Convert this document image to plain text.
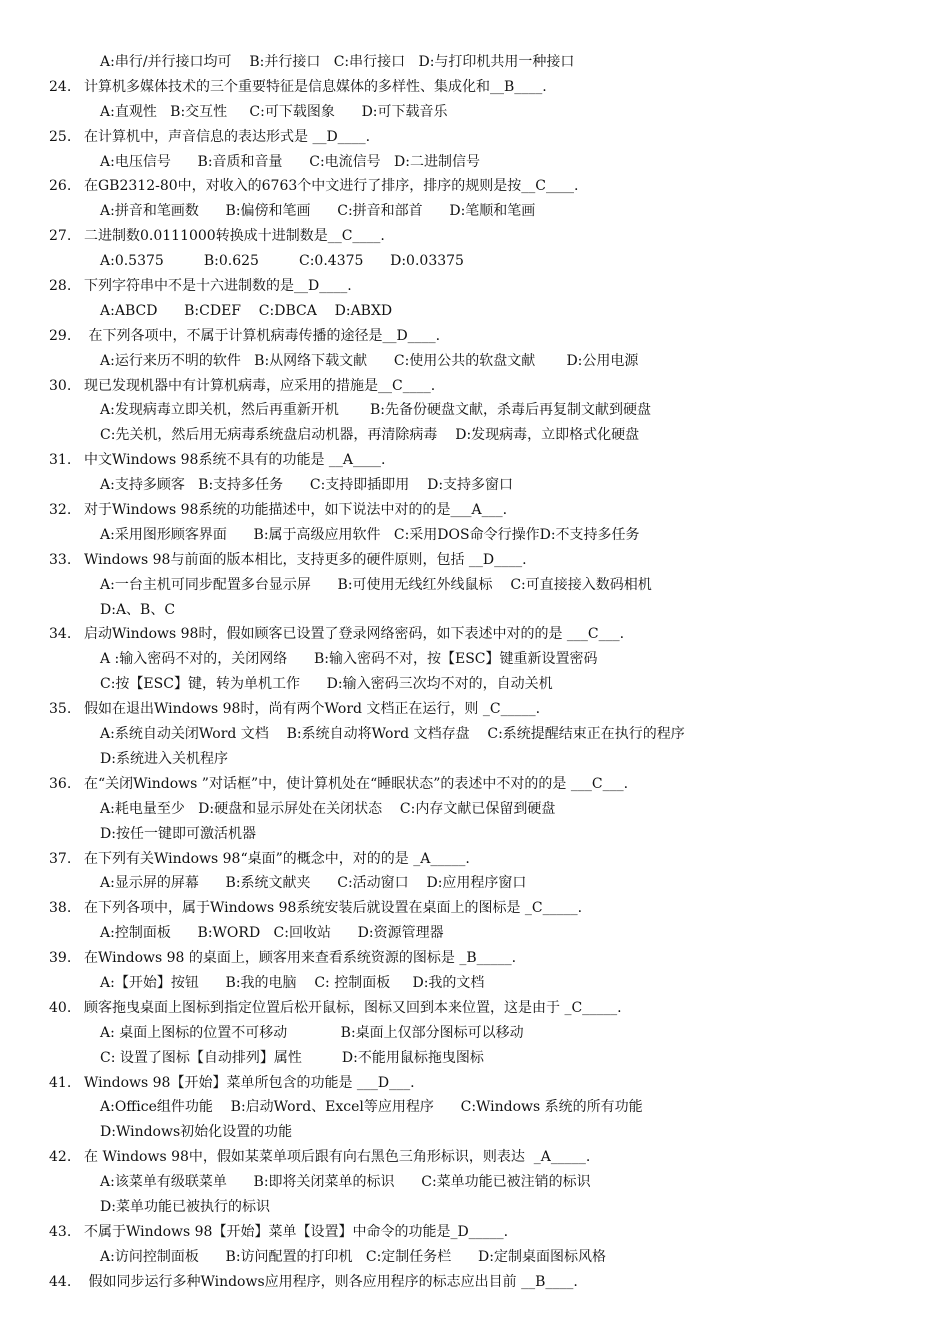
A:串行/并行接口均可    B:并行接口   C:串行接口   D:与打印机共用一种接口
24. 计算机多媒体技术的三个重要特征是信息媒体的多样性、集成化和__B____.
A:直观性   B:交互性     C:可下载图象      D:可下载音乐
25. 在计算机中，声音信息的表达形式是 __D____.
A:电压信号      B:音质和音量      C:电流信号   D:二进制信号
26. 在GB2312-80中，对收入的6763个中文进行了排序，排序的规则是按__C____.
A:拼音和笔画数      B:偏傍和笔画      C:拼音和部首      D:笔顺和笔画
27. 二进制数0.0111000转换成十进制数是__C____.
A:0.5375         B:0.625         C:0.4375      D:0.03375
28. 下列字符串中不是十六进制数的是__D____.
A:ABCD      B:CDEF    C:DBCA    D:ABXD
29. 在下列各项中，不属于计算机病毒传播的途径是__D____.
A:运行来历不明的软件   B:从网络下载文献      C:使用公共的软盘文献       D:公用电源
30. 现已发现机器中有计算机病毒，应采用的措施是__C____.
A:发现病毒立即关机，然后再重新开机       B:先备份硬盘文献，杀毒后再复制文献到硬盘
C:先关机，然后用无病毒系统盘启动机器，再清除病毒    D:发现病毒，立即格式化硬盘
31. 中文Windows 98系统不具有的功能是 __A____.
A:支持多顾客   B:支持多任务      C:支持即插即用    D:支持多窗口
32. 对于Windows 98系统的功能描述中，如下说法中对的的是___A___.
A:采用图形顾客界面      B:属于高级应用软件   C:采用DOS命令行操作D:不支持多任务
33. Windows 98与前面的版本相比，支持更多的硬件原则，包括 __D____.
A:一台主机可同步配置多台显示屏      B:可使用无线红外线鼠标    C:可直接接入数码相机
D:A、B、C
34. 启动Windows 98时，假如顾客已设置了登录网络密码，如下表述中对的的是 ___C___.
A :输入密码不对的，关闭网络      B:输入密码不对，按【ESC】键重新设置密码
C:按【ESC】键，转为单机工作      D:输入密码三次均不对的，自动关机
35. 假如在退出Windows 98时，尚有两个Word 文档正在运行，则 _C_____.
A:系统自动关闭Word 文档    B:系统自动将Word 文档存盘    C:系统提醒结束正在执行的程序
D:系统进入关机程序
36. 在“关闭Windows ”对话框”中，使计算机处在“睡眠状态”的表述中不对的的是 ___C___.
A:耗电量至少   D:硬盘和显示屏处在关闭状态    C:内存文献已保留到硬盘
D:按任一键即可激活机器
37. 在下列有关Windows 98“桌面”的概念中，对的的是 _A_____.
A:显示屏的屏幕      B:系统文献夹      C:活动窗口    D:应用程序窗口
38. 在下列各项中，属于Windows 98系统安装后就设置在桌面上的图标是 _C_____.
A:控制面板      B:WORD   C:回收站      D:资源管理器
39. 在Windows 98 的桌面上，顾客用来查看系统资源的图标是 _B_____.
A:【开始】按钮      B:我的电脑    C: 控制面板     D:我的文档
40. 顾客拖曳桌面上图标到指定位置后松开鼠标，图标又回到本来位置，这是由于 _C_____.
A: 桌面上图标的位置不可移动            B:桌面上仅部分图标可以移动
C: 设置了图标【自动排列】属性         D:不能用鼠标拖曳图标
41. Windows 98【开始】菜单所包含的功能是 ___D___.
A:Office组件功能    B:启动Word、Excel等应用程序      C:Windows 系统的所有功能
D:Windows初始化设置的功能
42. 在 Windows 98中，假如某菜单项后跟有向右黑色三角形标识，则表达  _A_____.
A:该菜单有级联菜单      B:即将关闭菜单的标识      C:菜单功能已被注销的标识
D:菜单功能已被执行的标识
43. 不属于Windows 98【开始】菜单【设置】中命令的功能是_D_____.
A:访问控制面板      B:访问配置的打印机   C:定制任务栏      D:定制桌面图标风格
44. 假如同步运行多种Windows应用程序，则各应用程序的标志应出目前 __B____.
